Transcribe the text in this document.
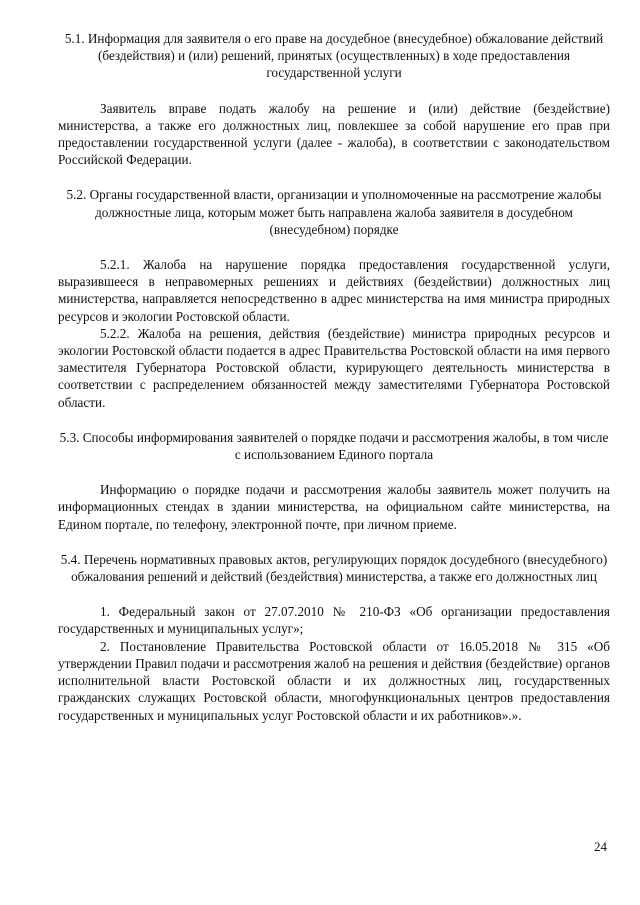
5.1. Информация для заявителя о его праве на досудебное (внесудебное) обжалование действий (бездействия) и (или) решений, принятых (осуществленных) в ходе предоставления государственной услуги

Заявитель вправе подать жалобу на решение и (или) действие (бездействие) министерства, а также его должностных лиц, повлекшее за собой нарушение его прав при предоставлении государственной услуги (далее - жалоба), в соответствии с законодательством Российской Федерации.

5.2. Органы государственной власти, организации и уполномоченные на рассмотрение жалобы должностные лица, которым может быть направлена жалоба заявителя в досудебном (внесудебном) порядке

5.2.1. Жалоба на нарушение порядка предоставления государственной услуги, выразившееся в неправомерных решениях и действиях (бездействии) должностных лиц министерства, направляется непосредственно в адрес министерства на имя министра природных ресурсов и экологии Ростовской области.

5.2.2. Жалоба на решения, действия (бездействие) министра природных ресурсов и экологии Ростовской области подается в адрес Правительства Ростовской области на имя первого заместителя Губернатора Ростовской области, курирующего деятельность министерства в соответствии с распределением обязанностей между заместителями Губернатора Ростовской области.

5.3. Способы информирования заявителей о порядке подачи и рассмотрения жалобы, в том числе с использованием Единого портала

Информацию о порядке подачи и рассмотрения жалобы заявитель может получить на информационных стендах в здании министерства, на официальном сайте министерства, на Едином портале, по телефону, электронной почте, при личном приеме.

5.4. Перечень нормативных правовых актов, регулирующих порядок досудебного (внесудебного) обжалования решений и действий (бездействия) министерства, а также его должностных лиц

1. Федеральный закон от 27.07.2010 № 210-ФЗ «Об организации предоставления государственных и муниципальных услуг»;

2. Постановление Правительства Ростовской области от 16.05.2018 № 315 «Об утверждении Правил подачи и рассмотрения жалоб на решения и действия (бездействие) органов исполнительной власти Ростовской области и их должностных лиц, государственных гражданских служащих Ростовской области, многофункциональных центров предоставления государственных и муниципальных услуг Ростовской области и их работников».».

24
